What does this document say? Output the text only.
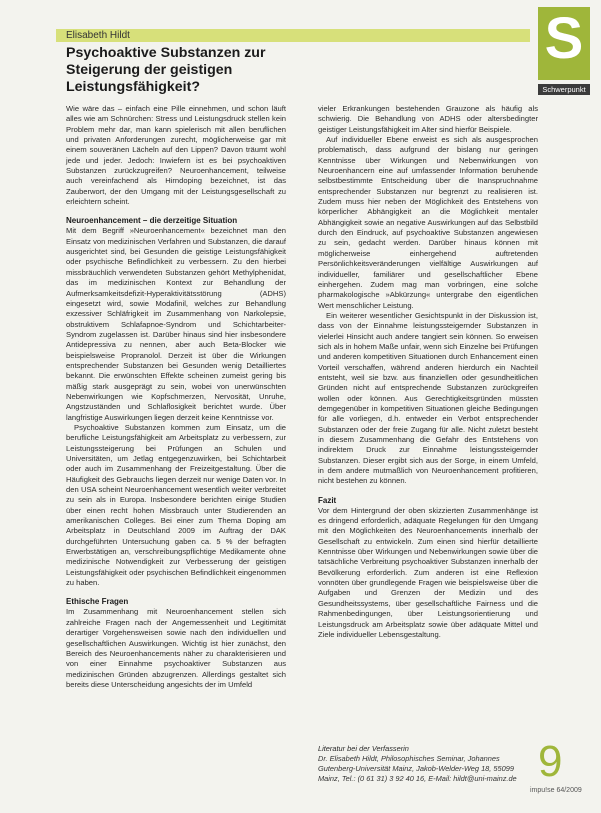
Elisabeth Hildt
Psychoaktive Substanzen zur Steigerung der geistigen Leistungsfähigkeit?
S
Schwerpunkt

Wie wäre das – einfach eine Pille einnehmen, und schon läuft alles wie am Schnürchen: Stress und Leistungsdruck stellen kein Problem mehr dar, man kann spielerisch mit allen beruflichen und privaten Anforderungen zurecht, möglicherweise gar mit einem souveränen Lächeln auf den Lippen? Davon träumt wohl jede und jeder. Jedoch: Inwiefern ist es bei psychoaktiven Substanzen zurückzugreifen? Neuroenhancement, teilweise auch vereinfachend als Hirndoping bezeichnet, ist das Zauberwort, der den Umgang mit der Leistungsgesellschaft zu erleichtern scheint.

Neuroenhancement – die derzeitige Situation

Mit dem Begriff »Neuroenhancement« bezeichnet man den Einsatz von medizinischen Verfahren und Substanzen, die darauf ausgerichtet sind, bei Gesunden die geistige Leistungsfähigkeit oder psychische Befindlichkeit zu verbessern. Zu den hierbei missbräuchlich verwendeten Substanzen gehört Methylphenidat, das im medizinischen Kontext zur Behandlung der Aufmerksamkeitsdefizit-Hyperaktivitätsstörung (ADHS) eingesetzt wird, sowie Modafinil, welches zur Behandlung exzessiver Schläfrigkeit im Zusammenhang von Narkolepsie, obstruktivem Schlafapnoe-Syndrom und Schichtarbeiter-Syndrom zugelassen ist. Darüber hinaus sind hier insbesondere Antidepressiva zu nennen, aber auch Beta-Blocker wie beispielsweise Propranolol. Derzeit ist über die Wirkungen entsprechender Substanzen bei Gesunden wenig Detailliertes bekannt. Die erwünschten Effekte scheinen zumeist gering bis mäßig stark ausgeprägt zu sein, wobei von unerwünschten Nebenwirkungen wie Kopfschmerzen, Nervosität, Unruhe, Angstzuständen und Schlaflosigkeit berichtet wurde. Über langfristige Auswirkungen liegen derzeit keine Kenntnisse vor.

Psychoaktive Substanzen kommen zum Einsatz, um die berufliche Leistungsfähigkeit am Arbeitsplatz zu verbessern, zur Leistungssteigerung bei Prüfungen an Schulen und Universitäten, um Jetlag entgegenzuwirken, bei Schichtarbeit oder auch im Zusammenhang der Freizeitgestaltung. Über die Häufigkeit des Gebrauchs liegen derzeit nur wenige Daten vor. In den USA scheint Neuroenhancement wesentlich weiter verbreitet zu sein als in Europa. Insbesondere berichten einige Studien über einen recht hohen Missbrauch unter Studierenden an amerikanischen Colleges. Bei einer zum Thema Doping am Arbeitsplatz in Deutschland 2009 im Auftrag der DAK durchgeführten Untersuchung gaben ca. 5 % der befragten Erwerbstätigen an, verschreibungspflichtige Medikamente ohne medizinische Notwendigkeit zur Verbesserung der geistigen Leistungsfähigkeit oder psychischen Befindlichkeit eingenommen zu haben.

Ethische Fragen

Im Zusammenhang mit Neuroenhancement stellen sich zahlreiche Fragen nach der Angemessenheit und Legitimität derartiger Vorgehensweisen sowie nach den individuellen und gesellschaftlichen Auswirkungen. Wichtig ist hier zunächst, den Bereich des Neuroenhancements näher zu charakterisieren und von einer Einnahme psychoaktiver Substanzen aus medizinischen Gründen abzugrenzen. Allerdings gestaltet sich bereits diese Unterscheidung angesichts der im Umfeld

vieler Erkrankungen bestehenden Grauzone als häufig als schwierig. Die Behandlung von ADHS oder altersbedingter geistiger Leistungsfähigkeit im Alter sind hierfür Beispiele.

Auf individueller Ebene erweist es sich als ausgesprochen problematisch, dass aufgrund der bislang nur geringen Kenntnisse über Wirkungen und Nebenwirkungen von Neuroenhancern eine auf umfassender Information beruhende selbstbestimmte Entscheidung über die Inanspruchnahme entsprechender Substanzen nur begrenzt zu realisieren ist. Zudem muss hier neben der Möglichkeit des Entstehens von körperlicher Abhängigkeit an die Möglichkeit mentaler Abhängigkeit sowie an negative Auswirkungen auf das Selbstbild durch den Eindruck, auf psychoaktive Substanzen angewiesen zu sein, gedacht werden. Darüber hinaus können mit möglicherweise einhergehend auftretenden Persönlichkeitsveränderungen vielfältige Auswirkungen auf individueller, familiärer und gesellschaftlicher Ebene einhergehen. Zudem mag man vorbringen, eine solche pharmakologische »Abkürzung« untergrabe den eigentlichen Wert menschlicher Leistung.

Ein weiterer wesentlicher Gesichtspunkt in der Diskussion ist, dass von der Einnahme leistungssteigernder Substanzen in vielerlei Hinsicht auch andere tangiert sein können. So erweisen sich als in hohem Maße unfair, wenn sich Einzelne bei Prüfungen und anderen kompetitiven Situationen durch Enhancement einen Vorteil verschaffen, während anderen hierdurch ein Nachteil entsteht, weil sie bzw. aus finanziellen oder gesundheitlichen Gründen nicht auf entsprechende Substanzen zurückgreifen wollen oder können. Aus Gerechtigkeitsgründen müssten demgegenüber in kompetitiven Situationen gleiche Bedingungen für alle vorliegen, d.h. entweder ein Verbot entsprechender Substanzen oder der freie Zugang für alle. Nicht zuletzt besteht in diesem Zusammenhang die Gefahr des Entstehens von indirektem Druck zur Einnahme leistungssteigernder Substanzen. Dieser ergibt sich aus der Sorge, in einem Umfeld, in dem andere mutmaßlich von Neuroenhancement profitieren, nicht bestehen zu können.

Fazit

Vor dem Hintergrund der oben skizzierten Zusammenhänge ist es dringend erforderlich, adäquate Regelungen für den Umgang mit den Möglichkeiten des Neuroenhancements innerhalb der Gesellschaft zu entwickeln. Zum einen sind hierfür detaillierte Kenntnisse über Wirkungen und Nebenwirkungen sowie über die tatsächliche Verbreitung psychoaktiver Substanzen innerhalb der Bevölkerung erforderlich. Zum anderen ist eine Reflexion vonnöten über grundlegende Fragen wie beispielsweise über die Aufgaben und Grenzen der Medizin und des Gesundheitssystems, über gesellschaftliche Fairness und die Rahmenbedingungen, über Leistungsorientierung und Leistungsdruck am Arbeitsplatz sowie über adäquate Mittel und Ziele individueller Lebensgestaltung.

Literatur bei der Verfasserin
Dr. Elisabeth Hildt, Philosophisches Seminar, Johannes Gutenberg-Universität Mainz, Jakob-Welder-Weg 18, 55099 Mainz, Tel.: (0 61 31) 3 92 40 16, E-Mail: hildt@uni-mainz.de 9
impu!se 64/2009
